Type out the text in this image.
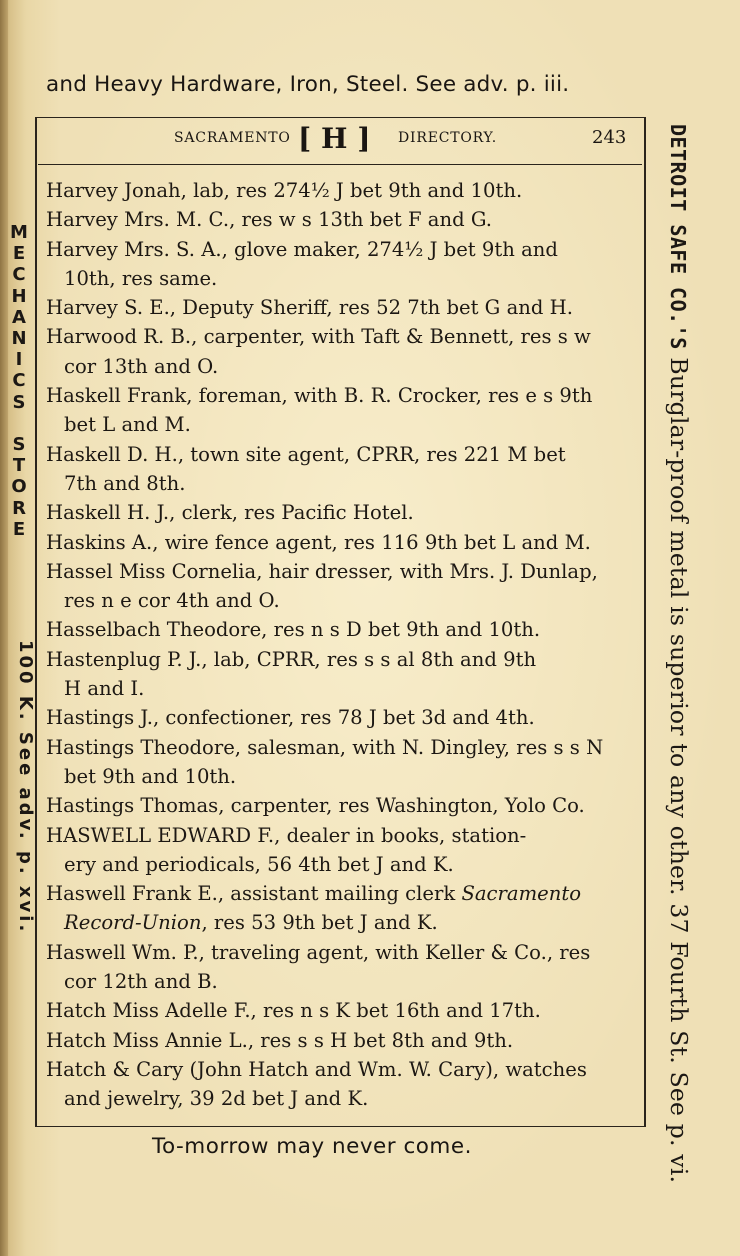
and Heavy Hardware, Iron, Steel. See adv. p. iii.
SACRAMENTO [ H ] DIRECTORY.	243
Harvey Jonah, lab, res 274½ J bet 9th and 10th.
Harvey Mrs. M. C., res w s 13th bet F and G.
Harvey Mrs. S. A., glove maker, 274½ J bet 9th and
10th, res same.
Harvey S. E., Deputy Sheriff, res 52 7th bet G and H.
Harwood R. B., carpenter, with Taft & Bennett, res s w
cor 13th and O.
Haskell Frank, foreman, with B. R. Crocker, res e s 9th
bet L and M.
Haskell D. H., town site agent, CPRR, res 221 M bet
7th and 8th.
Haskell H. J., clerk, res Pacific Hotel.
Haskins A., wire fence agent, res 116 9th bet L and M.
Hassel Miss Cornelia, hair dresser, with Mrs. J. Dunlap,
res n e cor 4th and O.
Hasselbach Theodore, res n s D bet 9th and 10th.
Hastenplug P. J., lab, CPRR, res s s al 8th and 9th
H and I.
Hastings J., confectioner, res 78 J bet 3d and 4th.
Hastings Theodore, salesman, with N. Dingley, res s s N
bet 9th and 10th.
Hastings Thomas, carpenter, res Washington, Yolo Co.
HASWELL EDWARD F., dealer in books, station-
ery and periodicals, 56 4th bet J and K.
Haswell Frank E., assistant mailing clerk Sacramento
Record-Union, res 53 9th bet J and K.
Haswell Wm. P., traveling agent, with Keller & Co., res
cor 12th and B.
Hatch Miss Adelle F., res n s K bet 16th and 17th.
Hatch Miss Annie L., res s s H bet 8th and 9th.
Hatch & Cary (John Hatch and Wm. W. Cary), watches
and jewelry, 39 2d bet J and K.
M
E
C
H
A
N
I
C
S

S
T
O
R
E
100 K. See adv. p. xvi.
DETROIT SAFE CO.'S Burglar-proof metal is superior to any other. 37 Fourth St. See p. vi.
To-morrow may never come.
